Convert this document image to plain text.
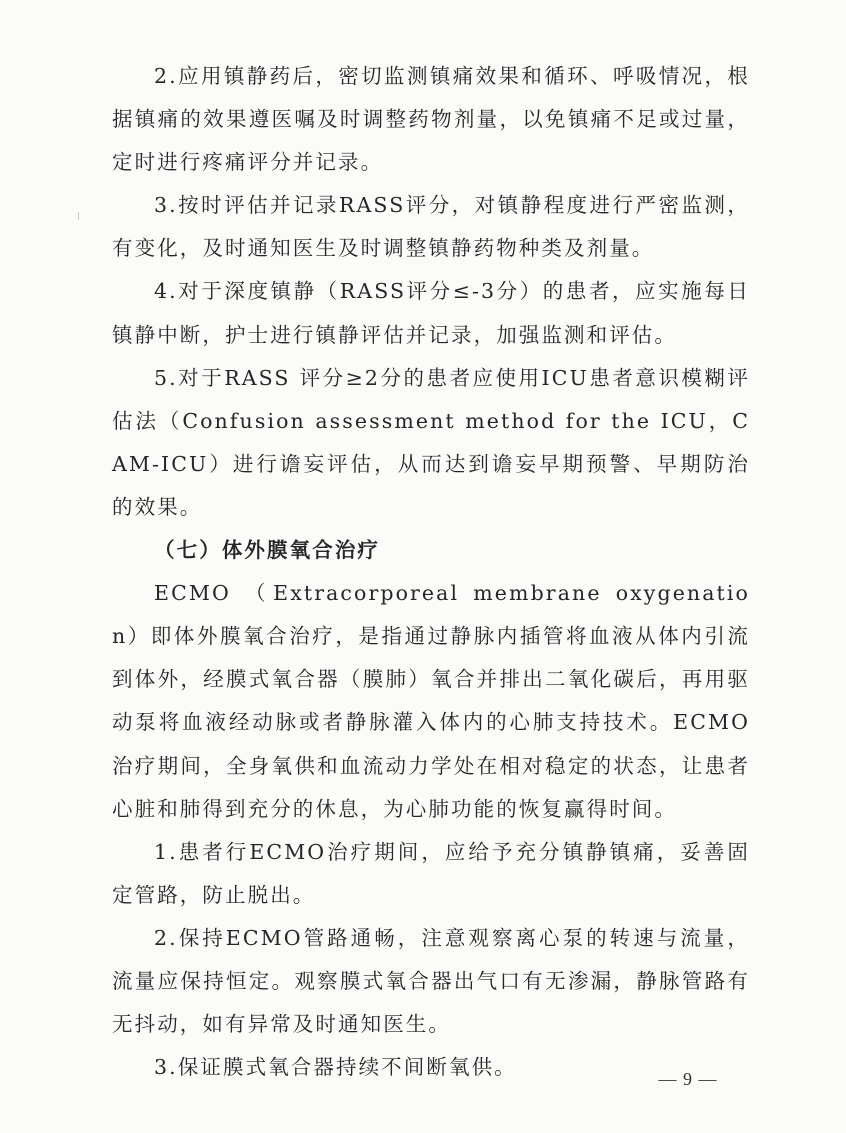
2.应用镇静药后，密切监测镇痛效果和循环、呼吸情况，根据镇痛的效果遵医嘱及时调整药物剂量，以免镇痛不足或过量，定时进行疼痛评分并记录。

3.按时评估并记录RASS评分，对镇静程度进行严密监测，有变化，及时通知医生及时调整镇静药物种类及剂量。

4.对于深度镇静（RASS评分≤-3分）的患者，应实施每日镇静中断，护士进行镇静评估并记录，加强监测和评估。

5.对于RASS 评分≥2分的患者应使用ICU患者意识模糊评估法（Confusion assessment method for the ICU，CAM-ICU）进行谵妄评估，从而达到谵妄早期预警、早期防治的效果。

（七）体外膜氧合治疗

ECMO （Extracorporeal membrane oxygenation）即体外膜氧合治疗，是指通过静脉内插管将血液从体内引流到体外，经膜式氧合器（膜肺）氧合并排出二氧化碳后，再用驱动泵将血液经动脉或者静脉灌入体内的心肺支持技术。ECMO治疗期间，全身氧供和血流动力学处在相对稳定的状态，让患者心脏和肺得到充分的休息，为心肺功能的恢复赢得时间。

1.患者行ECMO治疗期间，应给予充分镇静镇痛，妥善固定管路，防止脱出。

2.保持ECMO管路通畅，注意观察离心泵的转速与流量，流量应保持恒定。观察膜式氧合器出气口有无渗漏，静脉管路有无抖动，如有异常及时通知医生。

3.保证膜式氧合器持续不间断氧供。	— 9 —
